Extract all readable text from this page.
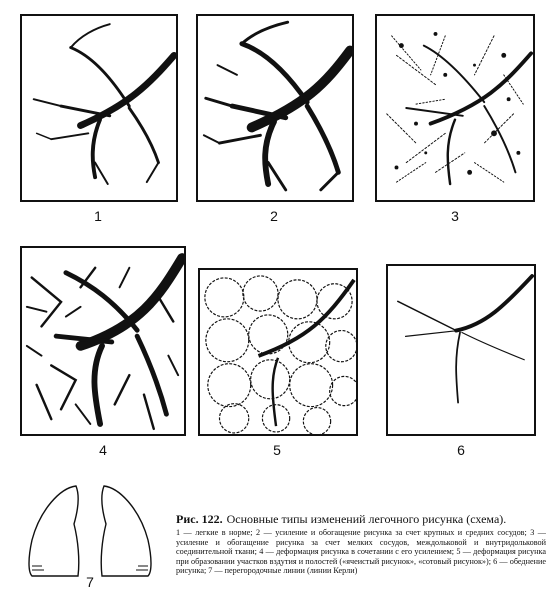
1	2	3
4	5	6
7
Рис. 122. Основные типы изменений легочного рисунка (схема).
1 — легкие в норме; 2 — усиление и обогащение рисунка за счет крупных и средних сосудов; 3 — усиление и обогащение рисунка за счет мелких сосудов, междольковой и внутридольковой соединительной ткани; 4 — деформация рисунка в сочетании с его усилением; 5 — деформация рисунка при образовании участков вздутия и полостей («ячеистый рисунок», «сотовый рисунок»); 6 — обеднение рисунка; 7 — перегородочные линии (линии Керли)
